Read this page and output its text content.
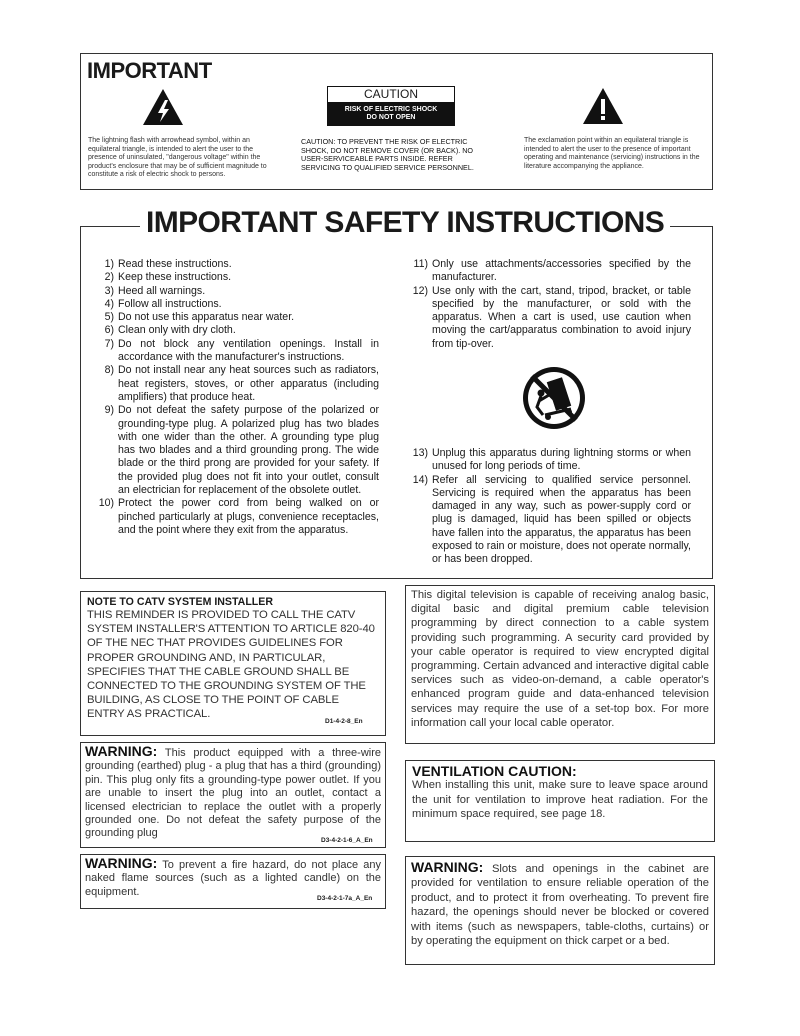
IMPORTANT
CAUTION
RISK OF ELECTRIC SHOCK
DO NOT OPEN
The lightning flash with arrowhead symbol, within an equilateral triangle, is intended to alert the user to the presence of uninsulated, "dangerous voltage" within the product's enclosure that may be of sufficient magnitude to constitute a risk of electric shock to persons.
CAUTION: TO PREVENT THE RISK OF ELECTRIC SHOCK, DO NOT REMOVE COVER (OR BACK). NO USER-SERVICEABLE PARTS INSIDE. REFER SERVICING TO QUALIFIED SERVICE PERSONNEL.
The exclamation point within an equilateral triangle is intended to alert the user to the presence of important operating and maintenance (servicing) instructions in the literature accompanying the appliance.
IMPORTANT SAFETY INSTRUCTIONS
1) Read these instructions.
2) Keep these instructions.
3) Heed all warnings.
4) Follow all instructions.
5) Do not use this apparatus near water.
6) Clean only with dry cloth.
7) Do not block any ventilation openings. Install in accordance with the manufacturer's instructions.
8) Do not install near any heat sources such as radiators, heat registers, stoves, or other apparatus (including amplifiers) that produce heat.
9) Do not defeat the safety purpose of the polarized or grounding-type plug. A polarized plug has two blades with one wider than the other. A grounding type plug has two blades and a third grounding prong. The wide blade or the third prong are provided for your safety. If the provided plug does not fit into your outlet, consult an electrician for replacement of the obsolete outlet.
10) Protect the power cord from being walked on or pinched particularly at plugs, convenience receptacles, and the point where they exit from the apparatus.
11) Only use attachments/accessories specified by the manufacturer.
12) Use only with the cart, stand, tripod, bracket, or table specified by the manufacturer, or sold with the apparatus. When a cart is used, use caution when moving the cart/apparatus combination to avoid injury from tip-over.
13) Unplug this apparatus during lightning storms or when unused for long periods of time.
14) Refer all servicing to qualified service personnel. Servicing is required when the apparatus has been damaged in any way, such as power-supply cord or plug is damaged, liquid has been spilled or objects have fallen into the apparatus, the apparatus has been exposed to rain or moisture, does not operate normally, or has been dropped.
NOTE TO CATV SYSTEM INSTALLER
THIS REMINDER IS PROVIDED TO CALL THE CATV SYSTEM INSTALLER'S ATTENTION TO ARTICLE 820-40 OF THE NEC THAT PROVIDES GUIDELINES FOR PROPER GROUNDING AND, IN PARTICULAR, SPECIFIES THAT THE CABLE GROUND SHALL BE CONNECTED TO THE GROUNDING SYSTEM OF THE BUILDING, AS CLOSE TO THE POINT OF CABLE ENTRY AS PRACTICAL.
D1-4-2-8_En
WARNING: This product equipped with a three-wire grounding (earthed) plug - a plug that has a third (grounding) pin. This plug only fits a grounding-type power outlet. If you are unable to insert the plug into an outlet, contact a licensed electrician to replace the outlet with a properly grounded one. Do not defeat the safety purpose of the grounding plug
D3-4-2-1-6_A_En
WARNING: To prevent a fire hazard, do not place any naked flame sources (such as a lighted candle) on the equipment.
D3-4-2-1-7a_A_En
This digital television is capable of receiving analog basic, digital basic and digital premium cable television programming by direct connection to a cable system providing such programming. A security card provided by your cable operator is required to view encrypted digital programming. Certain advanced and interactive digital cable services such as video-on-demand, a cable operator's enhanced program guide and data-enhanced television services may require the use of a set-top box. For more information call your local cable operator.
VENTILATION CAUTION:
When installing this unit, make sure to leave space around the unit for ventilation to improve heat radiation. For the minimum space required, see page 18.
WARNING: Slots and openings in the cabinet are provided for ventilation to ensure reliable operation of the product, and to protect it from overheating. To prevent fire hazard, the openings should never be blocked or covered with items (such as newspapers, table-cloths, curtains) or by operating the equipment on thick carpet or a bed.
